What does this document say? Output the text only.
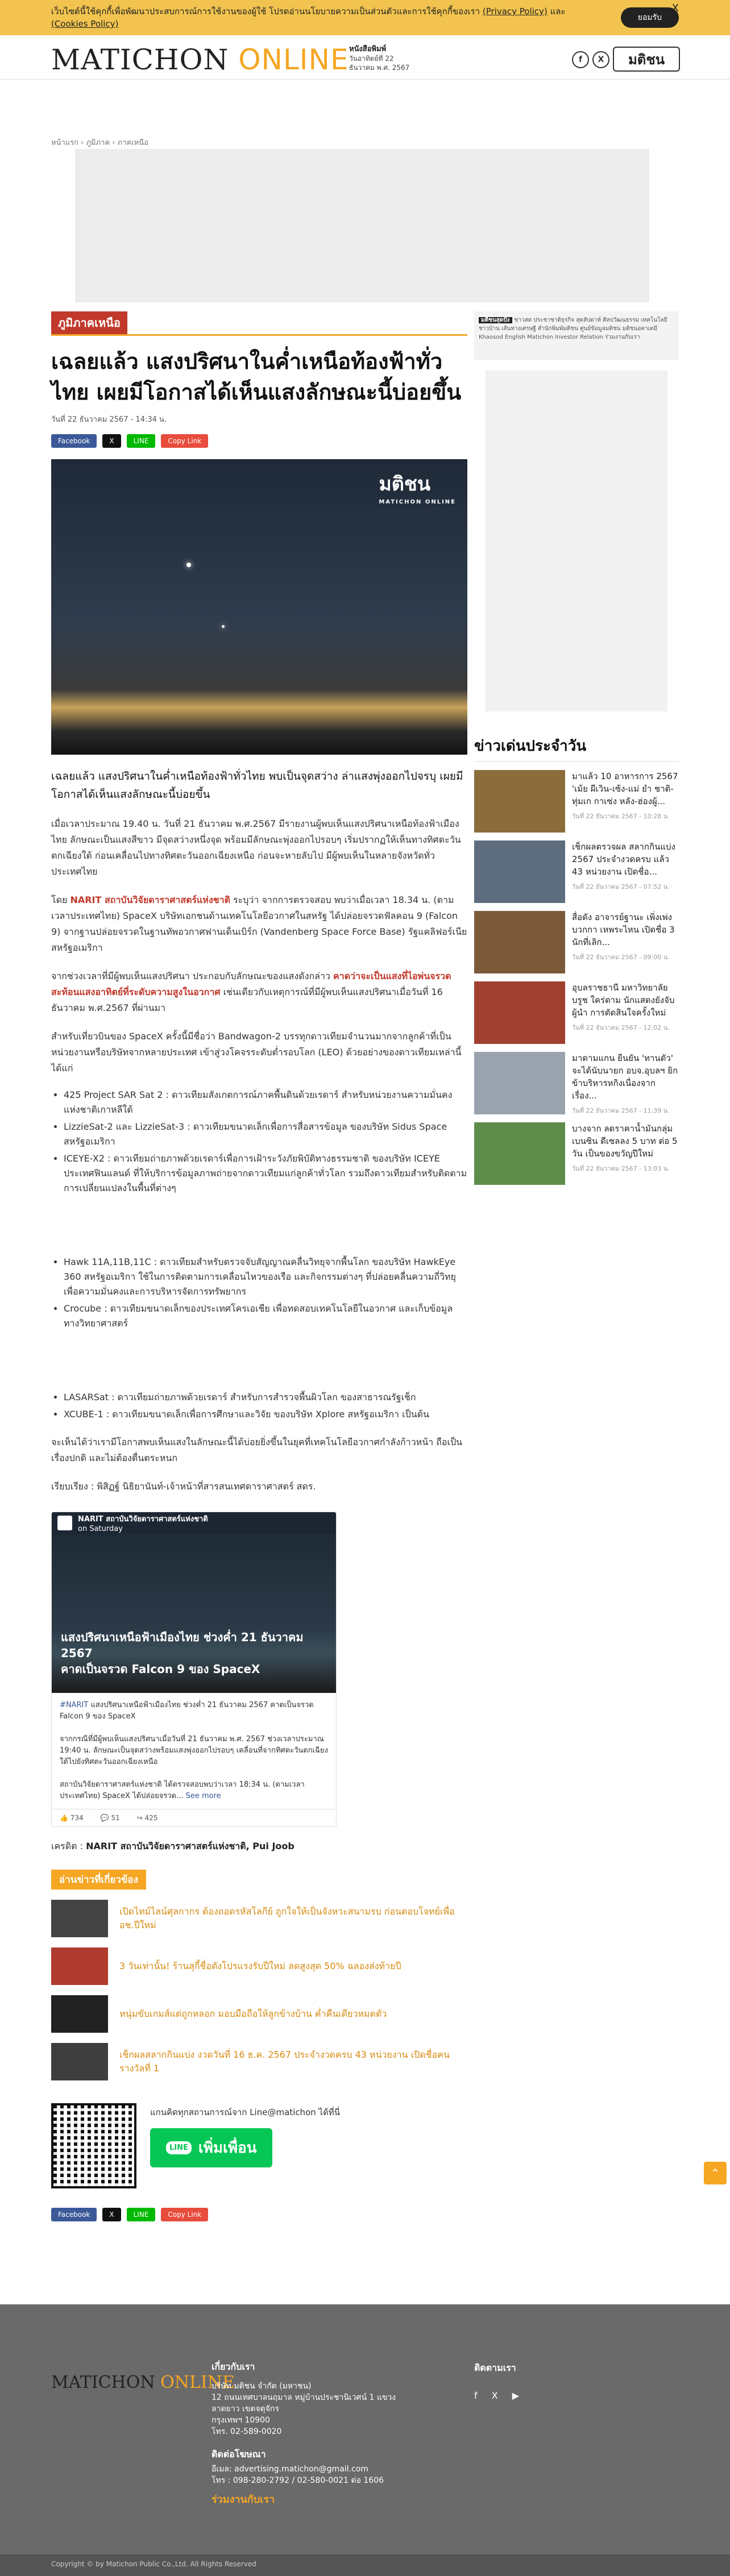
เว็บไซต์นี้ใช้คุกกี้เพื่อพัฒนาประสบการณ์การใช้งานของผู้ใช้ โปรดอ่านนโยบายความเป็นส่วนตัวและการใช้คุกกี้ของเรา (Privacy Policy) และ (Cookies Policy)
ยอมรับ
X
MATICHON ONLINE หนังสือพิมพ์
วันอาทิตย์ที่ 22
ธันวาคม พ.ศ. 2567
f	X	มติชน
หน้าแรก › ภูมิภาค › ภาคเหนือ
ภูมิภาคเหนือ
เฉลยแล้ว แสงปริศนาในค่ำเหนือท้องฟ้าทั่วไทย เผยมีโอกาสได้เห็นแสงลักษณะนี้บ่อยขึ้น
วันที่ 22 ธันวาคม 2567 - 14:34 น.
Facebook	X	LINE	Copy Link
มติชน
MATICHON ONLINE

เฉลยแล้ว แสงปริศนาในค่ำเหนือท้องฟ้าทั่วไทย พบเป็นจุดสว่าง ล่าแสงพุ่งออกไปจรบุ เผยมีโอกาสได้เห็นแสงลักษณะนี้บ่อยขึ้น

เมื่อเวลาประมาณ 19.40 น. วันที่ 21 ธันวาคม พ.ศ.2567 มีรายงานผู้พบเห็นแสงปริศนาเหนือท้องฟ้าเมืองไทย ลักษณะเป็นแสงสีขาว มีจุดสว่างหนึ่งจุด พร้อมมีลักษณะพุ่งออกไปรอบๆ เริ่มปรากฏให้เห็นทางทิศตะวันตกเฉียงใต้ ก่อนเคลื่อนไปทางทิศตะวันออกเฉียงเหนือ ก่อนจะหายลับไป มีผู้พบเห็นในหลายจังหวัดทั่วประเทศไทย

โดย NARIT สถาบันวิจัยดาราศาสตร์แห่งชาติ ระบุว่า จากการตรวจสอบ พบว่าเมื่อเวลา 18.34 น. (ตามเวลาประเทศไทย) SpaceX บริษัทเอกชนด้านเทคโนโลยีอวกาศในสหรัฐ ได้ปล่อยจรวดฟัลคอน 9 (Falcon 9) จากฐานปล่อยจรวดในฐานทัพอวกาศฟานเด็นเบิร์ก (Vandenberg Space Force Base) รัฐแคลิฟอร์เนีย สหรัฐอเมริกา

จากช่วงเวลาที่มีผู้พบเห็นแสงปริศนา ประกอบกับลักษณะของแสงดังกล่าว คาดว่าจะเป็นแสงที่ไอพ่นจรวดสะท้อนแสงอาทิตย์ที่ระดับความสูงในอวกาศ เช่นเดียวกับเหตุการณ์ที่มีผู้พบเห็นแสงปริศนาเมื่อวันที่ 16 ธันวาคม พ.ศ.2567 ที่ผ่านมา

สำหรับเที่ยวบินของ SpaceX ครั้งนี้มีชื่อว่า Bandwagon-2 บรรทุกดาวเทียมจำนวนมากจากลูกค้าที่เป็นหน่วยงานหรือบริษัทจากหลายประเทศ เข้าสู่วงโคจรระดับต่ำรอบโลก (LEO) ด้วยอย่างของดาวเทียมเหล่านี้ ได้แก่

• 425 Project SAR Sat 2 : ดาวเทียมสังเกตการณ์ภาคพื้นดินด้วยเรดาร์ สำหรับหน่วยงานความมั่นคงแห่งชาติเกาหลีใต้
• LizzieSat-2 และ LizzieSat-3 : ดาวเทียมขนาดเล็กเพื่อการสื่อสารข้อมูล ของบริษัท Sidus Space สหรัฐอเมริกา
• ICEYE-X2 : ดาวเทียมถ่ายภาพด้วยเรดาร์เพื่อการเฝ้าระวังภัยพิบัติทางธรรมชาติ ของบริษัท ICEYE ประเทศฟินแลนด์ ที่ให้บริการข้อมูลภาพถ่ายจากดาวเทียมแก่ลูกค้าทั่วโลก รวมถึงดาวเทียมสำหรับติดตามการเปลี่ยนแปลงในพื้นที่ต่างๆ
• Hawk 11A,11B,11C : ดาวเทียมสำหรับตรวจจับสัญญาณคลื่นวิทยุจากพื้นโลก ของบริษัท HawkEye 360 สหรัฐอเมริกา ใช้ในการติดตามการเคลื่อนไหวของเรือ และกิจกรรมต่างๆ ที่ปล่อยคลื่นความถี่วิทยุ เพื่อความมั่นคงและการบริหารจัดการทรัพยากร
• Crocube : ดาวเทียมขนาดเล็กของประเทศโครเอเชีย เพื่อทดสอบเทคโนโลยีในอวกาศ และเก็บข้อมูลทางวิทยาศาสตร์
• LASARSat : ดาวเทียมถ่ายภาพด้วยเรดาร์ สำหรับการสำรวจพื้นผิวโลก ของสาธารณรัฐเช็ก
• XCUBE-1 : ดาวเทียมขนาดเล็กเพื่อการศึกษาและวิจัย ของบริษัท Xplore สหรัฐอเมริกา เป็นต้น

จะเห็นได้ว่าเรามีโอกาสพบเห็นแสงในลักษณะนี้ได้บ่อยยิ่งขึ้นในยุคที่เทคโนโลยีอวกาศกำลังก้าวหน้า ถือเป็นเรื่องปกติ และไม่ต้องตื่นตระหนก

เรียบเรียง : พิสิฏฐ์ นิธิยานันท์-เจ้าหน้าที่สารสนเทศดาราศาสตร์ สดร.

NARIT สถาบันวิจัยดาราศาสตร์แห่งชาติ
on Saturday
แสงปริศนาเหนือฟ้าเมืองไทย ช่วงค่ำ 21 ธันวาคม 2567
คาดเป็นจรวด Falcon 9 ของ SpaceX
#NARIT แสงปริศนาเหนือฟ้าเมืองไทย ช่วงค่ำ 21 ธันวาคม 2567 คาดเป็นจรวด Falcon 9 ของ SpaceX

จากกรณีที่มีผู้พบเห็นแสงปริศนาเมื่อวันที่ 21 ธันวาคม พ.ศ. 2567 ช่วงเวลาประมาณ 19:40 น. ลักษณะเป็นจุดสว่างพร้อมแสงพุ่งออกไปรอบๆ เคลื่อนที่จากทิศตะวันตกเฉียงใต้ไปยังทิศตะวันออกเฉียงเหนือ

สถาบันวิจัยดาราศาสตร์แห่งชาติ ได้ตรวจสอบพบว่าเวลา 18:34 น. (ตามเวลาประเทศไทย) SpaceX ได้ปล่อยจรวด... See more
👍 734	💬 51	↪ 425

เครดิต : NARIT สถาบันวิจัยดาราศาสตร์แห่งชาติ, Pui Joob

อ่านข่าวที่เกี่ยวข้อง
เปิดไทม์ไลน์ศุลกากร ต้องถอดรหัสโลกีย์ ถูกใจให้เป็นจังหวะสนามรบ ก่อนตอบโจทย์เพื่อ อช.ปีใหม่
3 วันเท่านั้น! ร้านสุกี้ชื่อดังโปรแรงรับปีใหม่ ลดสูงสุด 50% ฉลองส่งท้ายปี
หนุ่มขับเกมส์แต่ถูกหลอก มอบมือถือให้ลูกข้างบ้าน ค่ำคืนเดียวหมดตัว
เช็กผลสลากกินแบ่ง งวดวันที่ 16 ธ.ค. 2567 ประจำงวดครบ 43 หน่วยงาน เปิดชื่อคนรางวัลที่ 1
แกนคิดทุกสถานการณ์จาก Line@matichon ได้ที่นี่
LINE เพิ่มเพื่อน
Facebook	X	LINE	Copy Link
มติชนสุดปัง ข่าวสด ประชาชาติธุรกิจ สุดสัปดาห์ ศิลปวัฒนธรรม เทคโนโลยีชาวบ้าน เส้นทางเศรษฐี สำนักพิมพ์มติชน ศูนย์ข้อมูลมติชน มติชนอคาเดมี Khaosod English Matichon Investor Relation ร่วมงานกับเรา
ข่าวเด่นประจำวัน
มาแล้ว 10 อาหารการ 2567 'เม้ย ผีเวิน-เซ้ง-แม่ ยำ ชาติ-ทุ่มเก กาเซ่ง หลัง-ฮ่องผู้...
วันที่ 22 ธันวาคม 2567 - 10:28 น.
เช็กผลตรวจผล สลากกินแบ่ง 2567 ประจำงวดครบ แล้ว 43 หน่วยงาน เปิดชื่อ...
วันที่ 22 ธันวาคม 2567 - 07:52 น.
สื่อดัง อาจารย์ฐานะ เพิ่งเพ่ง บวกกา เหพระไหน เปิดชื่อ 3 นักที่เลิก...
วันที่ 22 ธันวาคม 2567 - 09:00 น.
อุบลราชธานี มหาวิทยาลัย บรูช ใคร่ตาม นักแสดงยังจับ ผู้นำ การตัดสินใจครั้งใหม่
วันที่ 22 ธันวาคม 2567 - 12:02 น.
มาดามแกน ยืนยัน 'ทานตัว' จะได้นับนายก อบจ.อุบลฯ ยิกข้าบริหารหกิงเนื่องจากเรื่อง...
วันที่ 22 ธันวาคม 2567 - 11:39 น.
บางจาก ลดราคาน้ำมันกลุ่มเบนซิน ดีเซลลง 5 บาท ต่อ 5 วัน เป็นของขวัญปีใหม่
วันที่ 22 ธันวาคม 2567 - 13:03 น.
⌃
MATICHON ONLINE
เกี่ยวกับเรา
บริษัท มติชน จำกัด (มหาชน)
12 ถนนเทศบาลนฤมาล หมู่บ้านประชานิเวศน์ 1 แขวงลาดยาว เขตจตุจักร
กรุงเทพฯ 10900
โทร. 02-589-0020
ติดต่อโฆษณา
อีเมล: advertising.matichon@gmail.com
โทร : 098-280-2792 / 02-580-0021 ต่อ 1606
ร่วมงานกับเรา
ติดตามเรา
f X ▶
Copyright © by Matichon Public Co.,Ltd. All Rights Reserved
